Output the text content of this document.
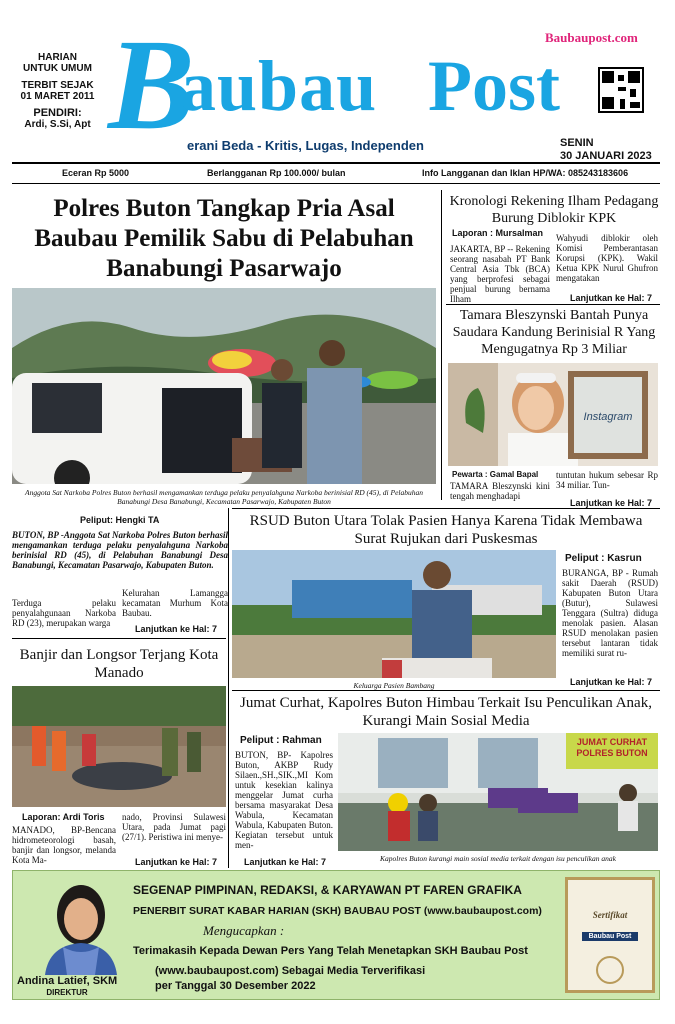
HARIAN
UNTUK UMUM
TERBIT SEJAK
01 MARET 2011
PENDIRI:
Ardi, S.Si, Apt B
aubau Post
erani Beda - Kritis, Lugas, Independen
Baubaupost.com
SENIN
30 JANUARI 2023
Eceran Rp 5000	Berlangganan Rp 100.000/ bulan	Info Langganan dan Iklan HP/WA: 085243183606
Polres Buton Tangkap Pria Asal Baubau Pemilik Sabu di Pelabuhan Banabungi Pasarwajo
Anggota Sat Narkoba Polres Buton berhasil mengamankan terduga pelaku penyalahguna Narkoba berinisial RD (45), di Pelabuhan Banabungi Desa Banabungi, Kecamatan Pasarwajo, Kabupaten Buton
Peliput: Hengki TA
BUTON, BP -Anggota Sat Narkoba Polres Buton berhasil mengamankan terduga pelaku penyalahguna Narkoba berinisial RD (45), di Pelabuhan Banabungi Desa Banabungi, Kecamatan Pasarwajo, Kabupaten Buton.
Terduga pelaku penyalahgunaan Narkoba RD (23), merupakan warga
Kelurahan Lamangga kecamatan Murhum Kota Baubau.
Lanjutkan ke Hal: 7
Kronologi Rekening Ilham Pedagang Burung Diblokir KPK
Laporan : Mursalman
JAKARTA, BP -- Rekening seorang nasabah PT Bank Central Asia Tbk (BCA) yang berprofesi sebagai penjual burung bernama Ilham
Wahyudi diblokir oleh Komisi Pemberantasan Korupsi (KPK). Wakil Ketua KPK Nurul Ghufron mengatakan
Lanjutkan ke Hal: 7
Tamara Bleszynski Bantah Punya Saudara Kandung Berinisial R Yang Mengugatnya Rp 3 Miliar
Instagram
Pewarta : Gamal Bapal
TAMARA Bleszynski kini tengah menghadapi
tuntutan hukum sebesar Rp 34 miliar. Tun-
Lanjutkan ke Hal: 7
RSUD Buton Utara Tolak Pasien Hanya Karena Tidak Membawa Surat Rujukan dari Puskesmas
Keluarga Pasien Bambang
Peliput : Kasrun
BURANGA, BP - Rumah sakit Daerah (RSUD) Kabupaten Buton Utara (Butur), Sulawesi Tenggara (Sultra) diduga menolak pasien. Alasan RSUD menolakan pasien tersebut lantaran tidak memiliki surat ru-
Lanjutkan ke Hal: 7
Banjir dan Longsor Terjang Kota Manado
Laporan: Ardi Toris
MANADO, BP-Bencana hidrometeorologi basah, banjir dan longsor, melanda Kota Ma-
nado, Provinsi Sulawesi Utara, pada Jumat pagi (27/1). Peristiwa ini menye-
Lanjutkan ke Hal: 7
Jumat Curhat, Kapolres Buton Himbau Terkait Isu Penculikan Anak, Kurangi Main Sosial Media
Peliput : Rahman
BUTON, BP- Kapolres Buton, AKBP Rudy Silaen.,SH.,SIK.,MI Kom untuk kesekian kalinya menggelar Jumat curha bersama masyarakat Desa Wabula, Kecamatan Wabula, Kabupaten Buton. Kegiatan tersebut untuk men-
Lanjutkan ke Hal: 7
JUMAT CURHAT POLRES BUTON
Kapolres Buton kurangi main sosial media terkait dengan isu penculikan anak
Andina Latief, SKM
DIREKTUR
SEGENAP PIMPINAN, REDAKSI, & KARYAWAN PT FAREN GRAFIKA
PENERBIT SURAT KABAR HARIAN (SKH) BAUBAU POST (www.baubaupost.com)
Mengucapkan :
Terimakasih Kepada Dewan Pers Yang Telah Menetapkan SKH Baubau Post
(www.baubaupost.com) Sebagai Media Terverifikasi
per Tanggal 30 Desember 2022
Sertifikat
Baubau Post
